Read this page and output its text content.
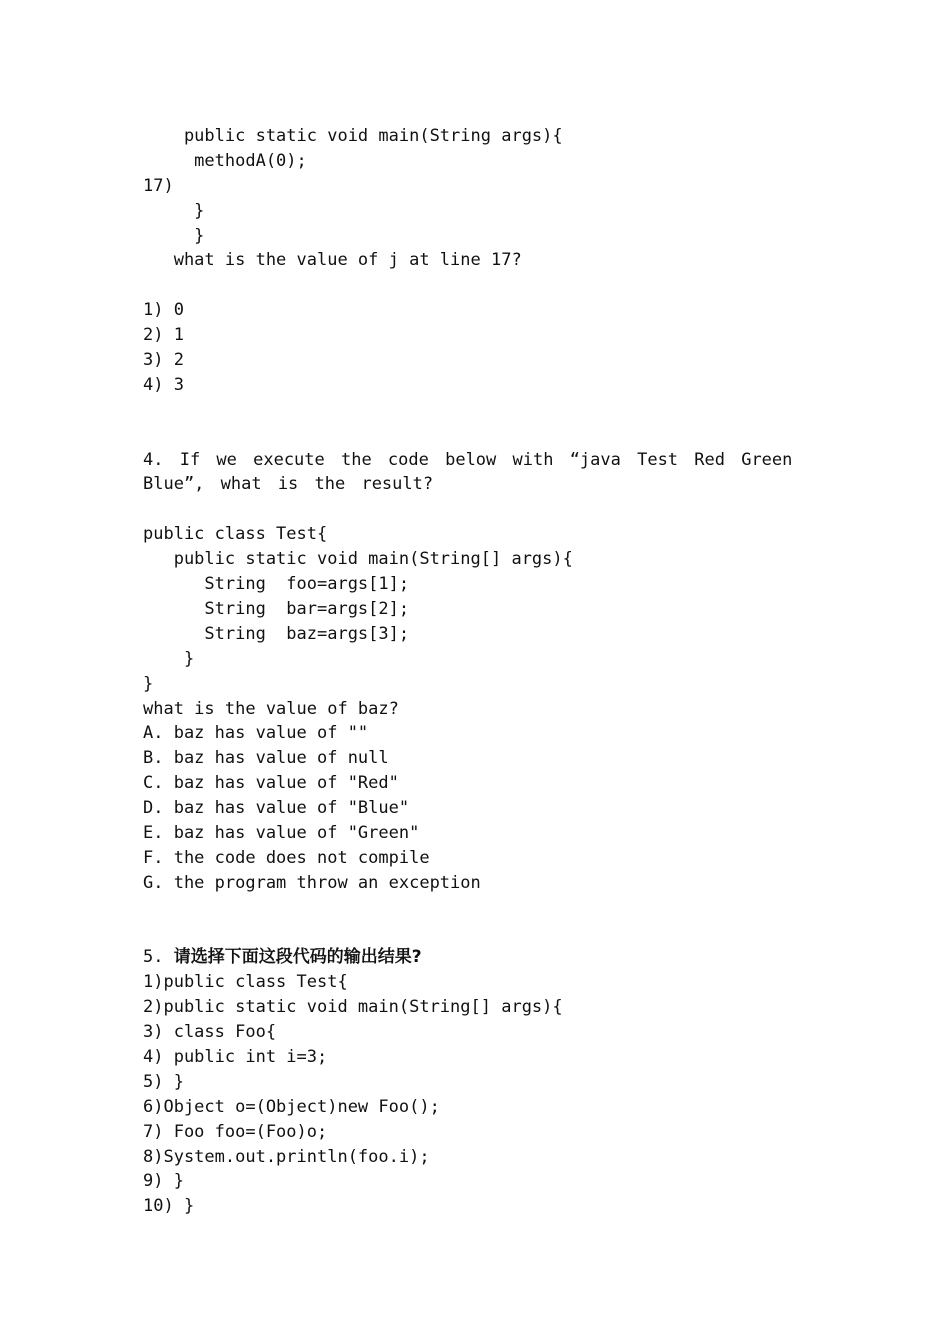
public static void main(String args){

methodA(0);

17)

}

}

what is the value of j at line 17?

1) 0

2) 1

3) 2

4) 3

4. If we execute the code below with “java Test Red Green Blue”, what is the result?

public class Test{

public static void main(String[] args){

String  foo=args[1];

String  bar=args[2];

String  baz=args[3];

}

}

what is the value of baz?

A. baz has value of ""

B. baz has value of null

C. baz has value of "Red"

D. baz has value of "Blue"

E. baz has value of "Green"

F. the code does not compile

G. the program throw an exception

5. 请选择下面这段代码的输出结果?

1)public class Test{

2)public static void main(String[] args){

3) class Foo{

4) public int i=3;

5) }

6)Object o=(Object)new Foo();

7) Foo foo=(Foo)o;

8)System.out.println(foo.i);

9) }

10) }
